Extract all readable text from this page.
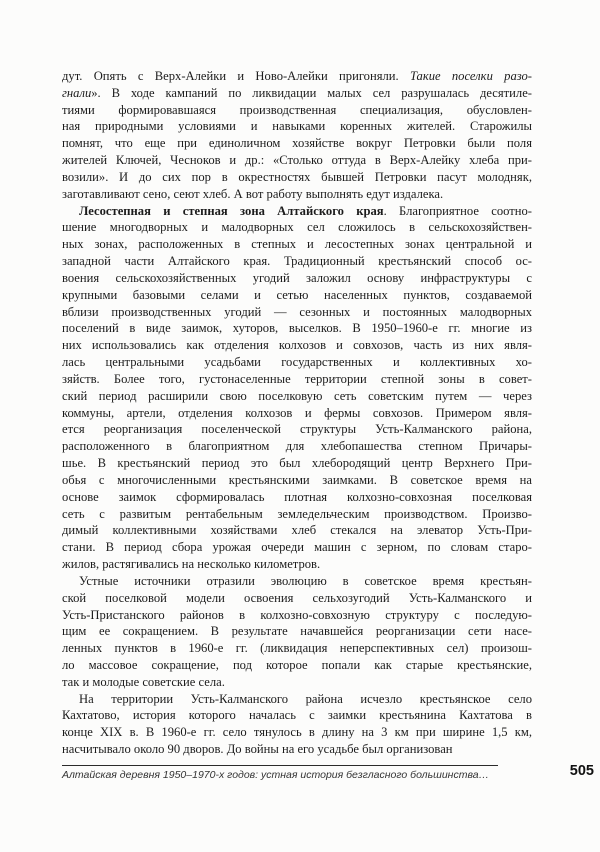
дут. Опять с Верх-Алейки и Ново-Алейки пригоняли. Такие поселки разо-
гнали». В ходе кампаний по ликвидации малых сел разрушалась десятиле-
тиями формировавшаяся производственная специализация, обусловлен-
ная природными условиями и навыками коренных жителей. Старожилы
помнят, что еще при единоличном хозяйстве вокруг Петровки были поля
жителей Ключей, Чесноков и др.: «Столько оттуда в Верх-Алейку хлеба при-
возили». И до сих пор в окрестностях бывшей Петровки пасут молодняк,
заготавливают сено, сеют хлеб. А вот работу выполнять едут издалека.
Лесостепная и степная зона Алтайского края. Благоприятное соотно-
шение многодворных и малодворных сел сложилось в сельскохозяйствен-
ных зонах, расположенных в степных и лесостепных зонах центральной и
западной части Алтайского края. Традиционный крестьянский способ ос-
воения сельскохозяйственных угодий заложил основу инфраструктуры с
крупными базовыми селами и сетью населенных пунктов, создаваемой
вблизи производственных угодий — сезонных и постоянных малодворных
поселений в виде заимок, хуторов, выселков. В 1950–1960-е гг. многие из
них использовались как отделения колхозов и совхозов, часть из них явля-
лась центральными усадьбами государственных и коллективных хо-
зяйств. Более того, густонаселенные территории степной зоны в совет-
ский период расширили свою поселковую сеть советским путем — через
коммуны, артели, отделения колхозов и фермы совхозов. Примером явля-
ется реорганизация поселенческой структуры Усть-Калманского района,
расположенного в благоприятном для хлебопашества степном Причары-
шье. В крестьянский период это был хлебородящий центр Верхнего При-
обья с многочисленными крестьянскими заимками. В советское время на
основе заимок сформировалась плотная колхозно-совхозная поселковая
сеть с развитым рентабельным земледельческим производством. Произво-
димый коллективными хозяйствами хлеб стекался на элеватор Усть-При-
стани. В период сбора урожая очереди машин с зерном, по словам старо-
жилов, растягивались на несколько километров.
Устные источники отразили эволюцию в советское время крестьян-
ской поселковой модели освоения сельхозугодий Усть-Калманского и
Усть-Пристанского районов в колхозно-совхозную структуру с последую-
щим ее сокращением. В результате начавшейся реорганизации сети насе-
ленных пунктов в 1960-е гг. (ликвидация неперспективных сел) произош-
ло массовое сокращение, под которое попали как старые крестьянские,
так и молодые советские села.
На территории Усть-Калманского района исчезло крестьянское село
Кахтатово, история которого началась с заимки крестьянина Кахтатова в
конце XIX в. В 1960-е гг. село тянулось в длину на 3 км при ширине 1,5 км,
насчитывало около 90 дворов. До войны на его усадьбе был организован
Алтайская деревня 1950–1970-х годов: устная история безгласного большинства…	505
